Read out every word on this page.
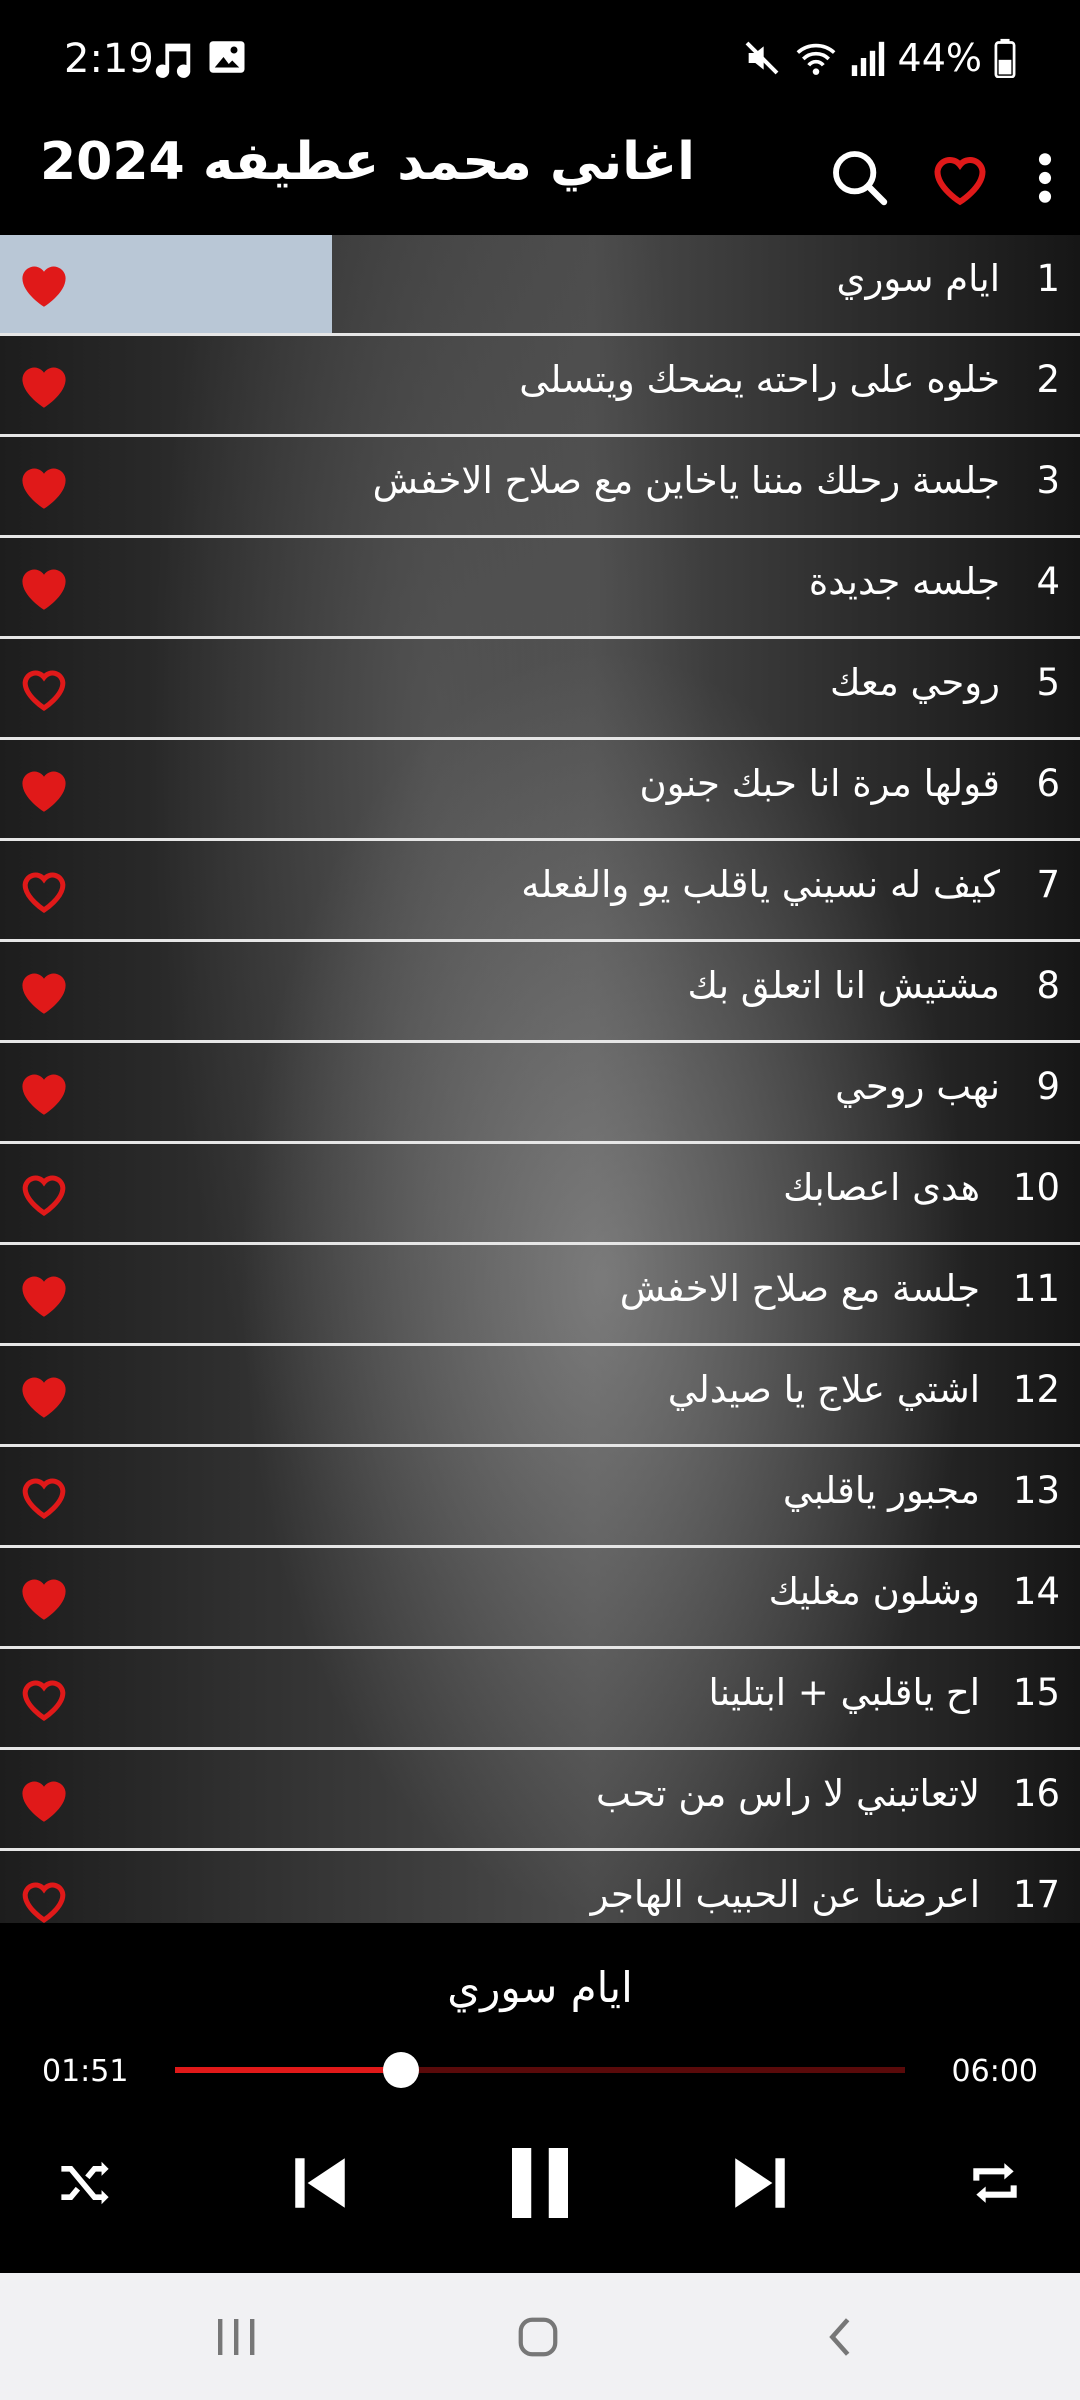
2:19	44%
اغاني محمد عطيفه 2024
ايام سوري 1
خلوه على راحته يضحك ويتسلى 2
جلسة رحلك مننا ياخاين مع صلاح الاخفش 3
جلسه جديدة 4
روحي معك 5
قولها مرة انا حبك جنون 6
كيف له نسيني ياقلب يو والفعله 7
مشتيش انا اتعلق بك 8
نهب روحي 9
هدى اعصابك 10
جلسة مع صلاح الاخفش 11
اشتي علاج يا صيدلي 12
مجبور ياقلبي 13
وشلون مغليك 14
اح ياقلبي + ابتلينا 15
لاتعاتبني لا راس من تحب 16
اعرضنا عن الحبيب الهاجر 17
ايام سوري
01:51	06:00
